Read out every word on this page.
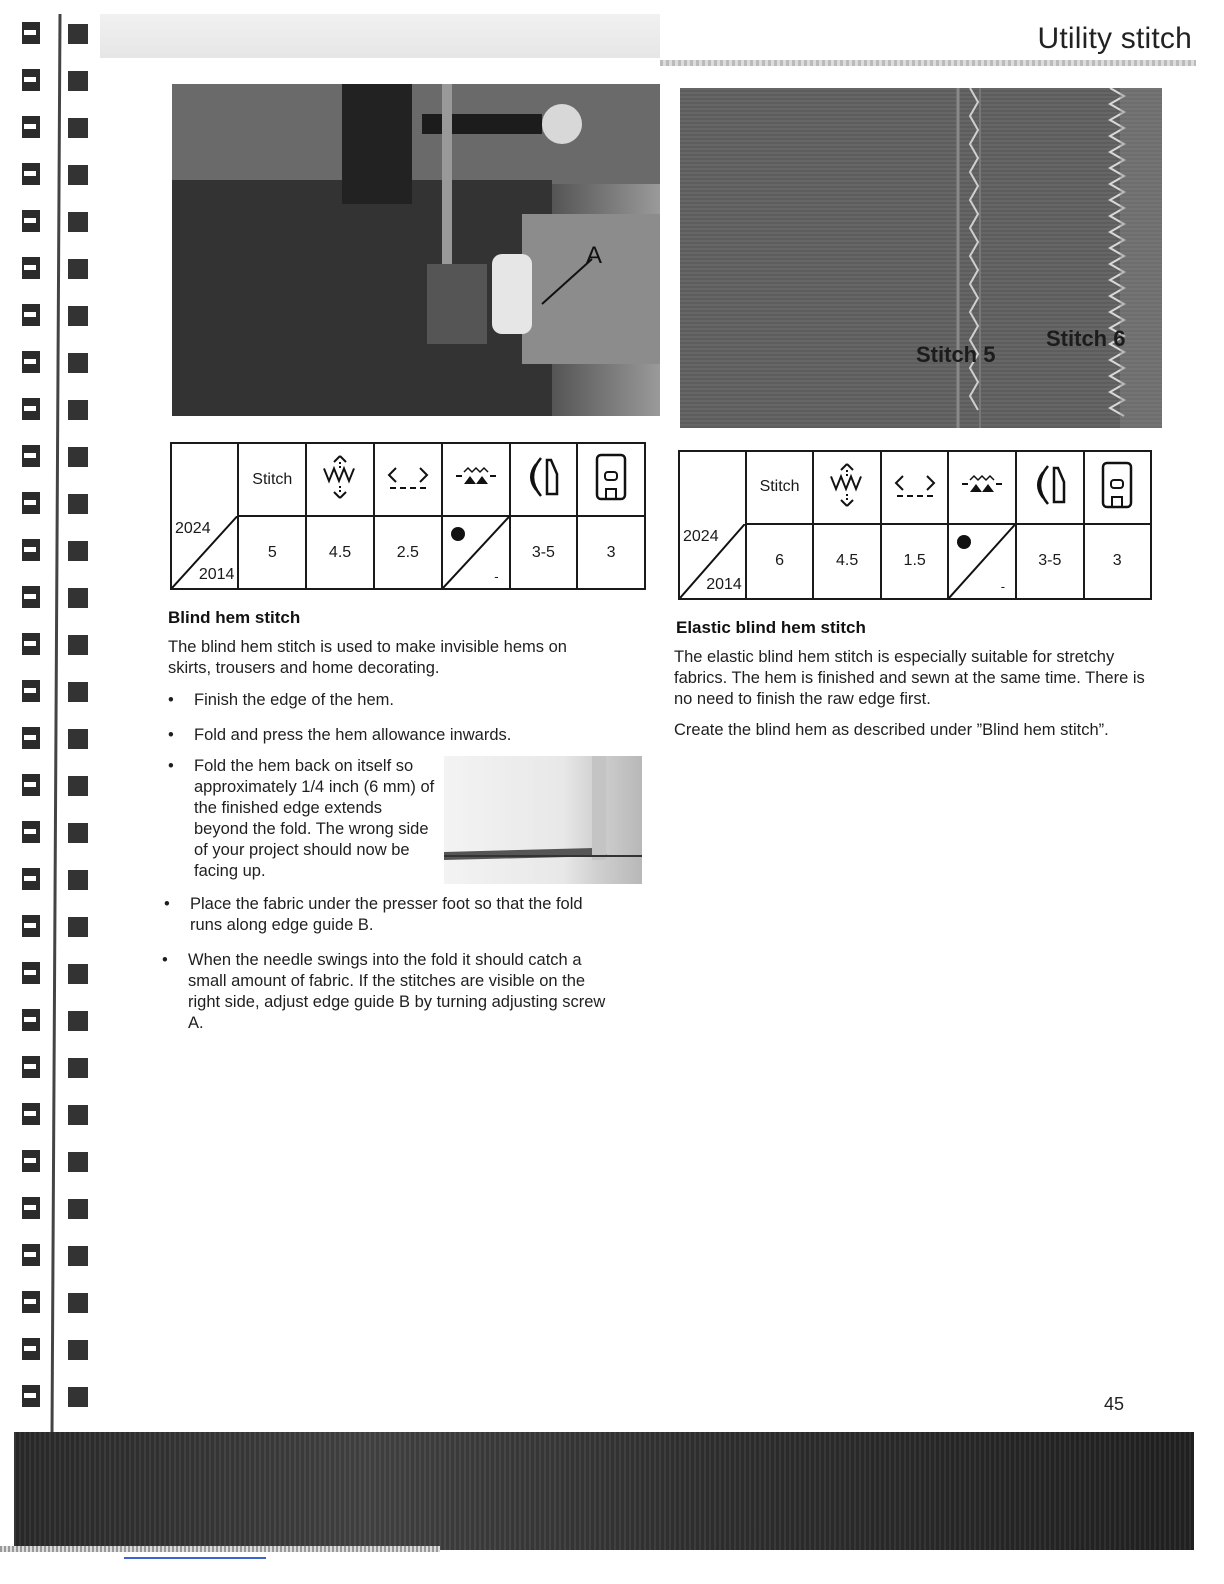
Utility stitch
A
Stitch 5
Stitch 6
	Stitch					

2024
2014	5	4.5	2.5	-	3-5	3
	Stitch					

2024
2014	6	4.5	1.5	-	3-5	3
Blind hem stitch
The blind hem stitch is used to make invisible hems on skirts, trousers and home decorating.
• Finish the edge of the hem.
• Fold and press the hem allowance inwards.
• Fold the hem back on itself so approximately 1/4 inch (6 mm) of the finished edge extends beyond the fold. The wrong side of your project should now be facing up.
• Place the fabric under the presser foot so that the fold runs along edge guide B.
• When the needle swings into the fold it should catch a small amount of fabric. If the stitches are visible on the right side, adjust edge guide B by turning adjusting screw A.
Elastic blind hem stitch
The elastic blind hem stitch is especially suitable for stretchy fabrics. The hem is finished and sewn at the same time. There is no need to finish the raw edge first.
Create the blind hem as described under ”Blind hem stitch”.
45
